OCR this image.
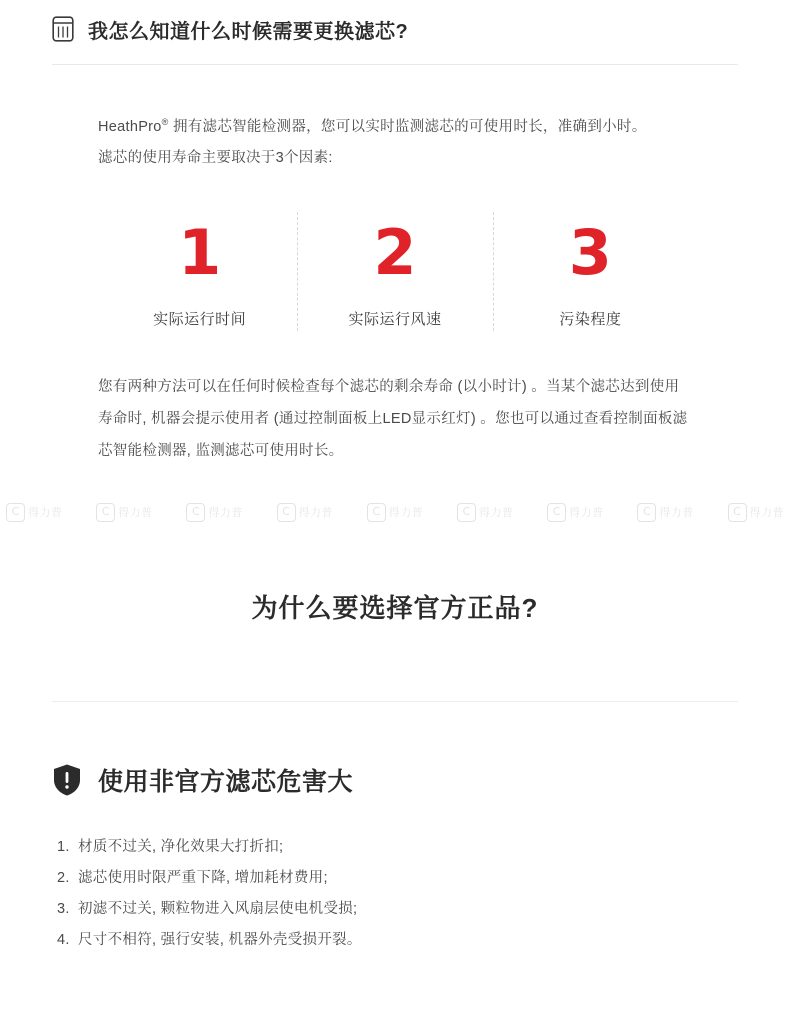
我怎么知道什么时候需要更换滤芯?

HeathPro® 拥有滤芯智能检测器，您可以实时监测滤芯的可使用时长，准确到小时。
滤芯的使用寿命主要取决于3个因素:

1
实际运行时间
2
实际运行风速
3
污染程度

您有两种方法可以在任何时候检查每个滤芯的剩余寿命 (以小时计) 。当某个滤芯达到使用寿命时, 机器会提示使用者 (通过控制面板上LED显示红灯) 。您也可以通过查看控制面板滤芯智能检测器, 监测滤芯可使用时长。

C 得力普	C 得力普	C 得力普	C 得力普	C 得力普	C 得力普	C 得力普	C 得力普	C 得力普
为什么要选择官方正品?
使用非官方滤芯危害大
1. 材质不过关, 净化效果大打折扣;
2. 滤芯使用时限严重下降, 增加耗材费用;
3. 初滤不过关, 颗粒物进入风扇层使电机受损;
4. 尺寸不相符, 强行安装, 机器外壳受损开裂。
